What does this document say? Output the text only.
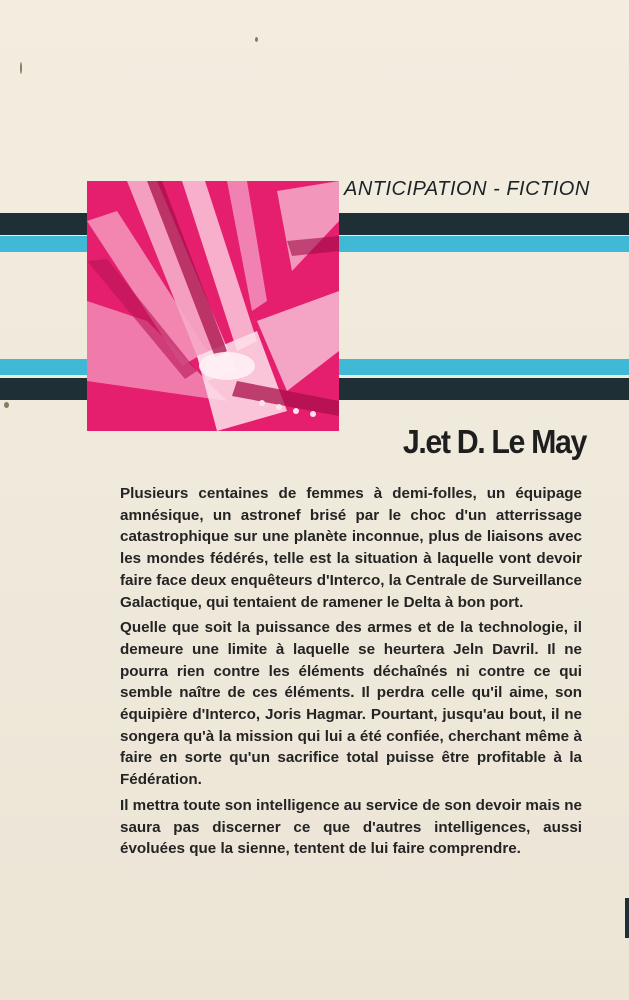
ANTICIPATION - FICTION
J.et D. Le May

Plusieurs centaines de femmes à demi-folles, un équipage amnésique, un astronef brisé par le choc d'un atterrissage catastrophique sur une planète inconnue, plus de liaisons avec les mondes fédérés, telle est la situation à laquelle vont devoir faire face deux enquêteurs d'Interco, la Centrale de Surveillance Galactique, qui tentaient de ramener le Delta à bon port.

Quelle que soit la puissance des armes et de la technologie, il demeure une limite à laquelle se heurtera Jeln Davril. Il ne pourra rien contre les éléments déchaînés ni contre ce qui semble naître de ces éléments. Il perdra celle qu'il aime, son équipière d'Interco, Joris Hagmar. Pourtant, jusqu'au bout, il ne songera qu'à la mission qui lui a été confiée, cherchant même à faire en sorte qu'un sacrifice total puisse être profitable à la Fédération.

Il mettra toute son intelligence au service de son devoir mais ne saura pas discerner ce que d'autres intelligences, aussi évoluées que la sienne, tentent de lui faire comprendre.
